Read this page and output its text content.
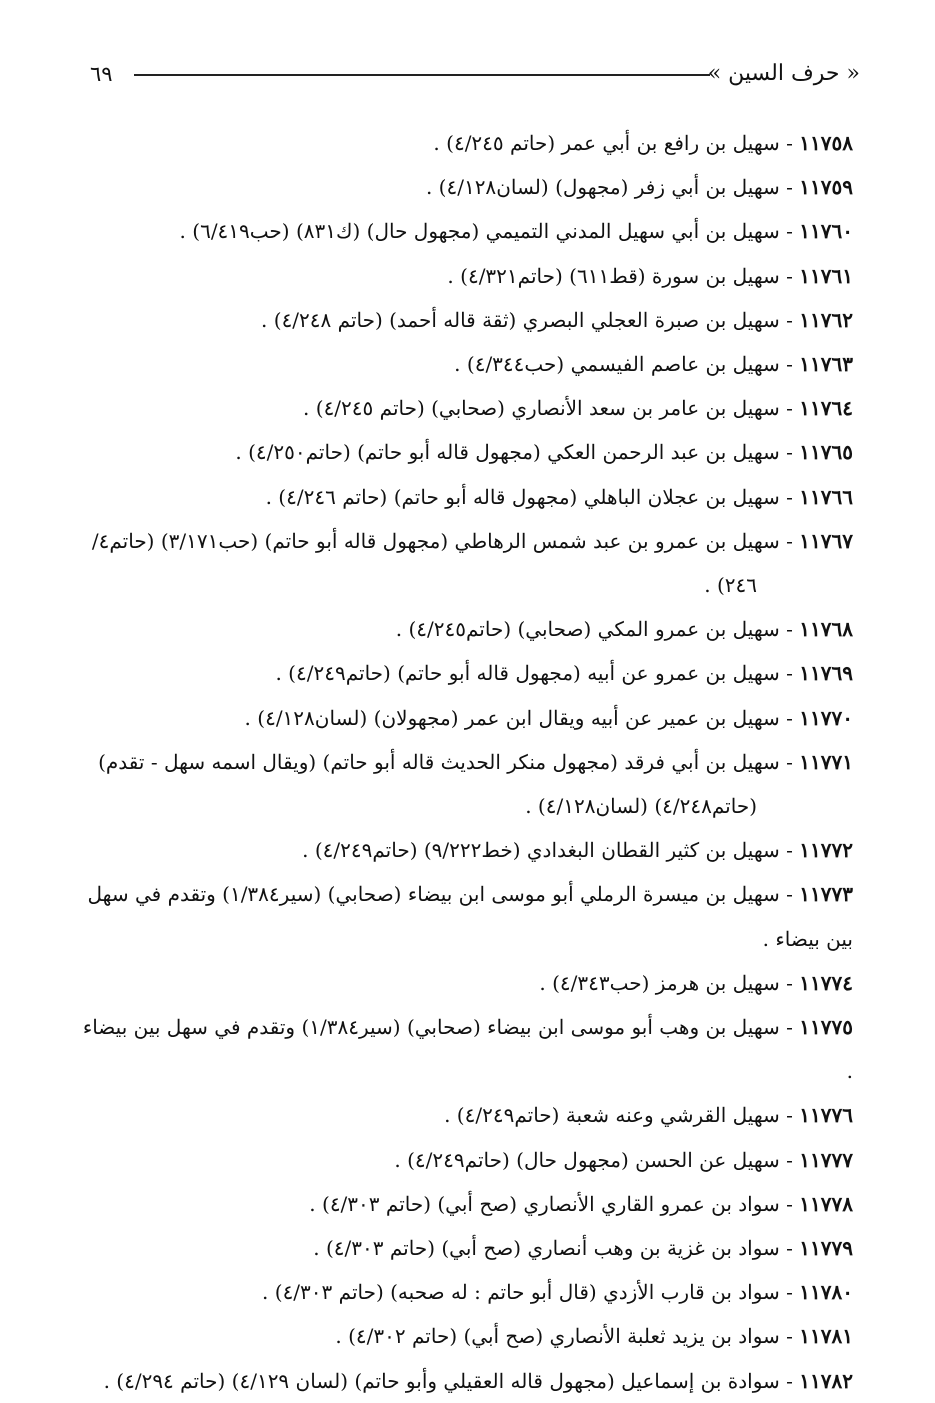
« حرف السين »
٦٩
١١٧٥٨ - سهيل بن رافع بن أبي عمر (حاتم ٤/٢٤٥) .
١١٧٥٩ - سهيل بن أبي زفر (مجهول) (لسان٤/١٢٨) .
١١٧٦٠ - سهيل بن أبي سهيل المدني التميمي (مجهول حال) (ك٨٣١) (حب٦/٤١٩) .
١١٧٦١ - سهيل بن سورة (قط٦١١) (حاتم٤/٣٢١) .
١١٧٦٢ - سهيل بن صبرة العجلي البصري (ثقة قاله أحمد) (حاتم ٤/٢٤٨) .
١١٧٦٣ - سهيل بن عاصم الفيسمي (حب٤/٣٤٤) .
١١٧٦٤ - سهيل بن عامر بن سعد الأنصاري (صحابي) (حاتم ٤/٢٤٥) .
١١٧٦٥ - سهيل بن عبد الرحمن العكي (مجهول قاله أبو حاتم) (حاتم٤/٢٥٠) .
١١٧٦٦ - سهيل بن عجلان الباهلي (مجهول قاله أبو حاتم) (حاتم ٤/٢٤٦) .
١١٧٦٧ - سهيل بن عمرو بن عبد شمس الرهاطي (مجهول قاله أبو حاتم) (حب٣/١٧١) (حاتم٤/
٢٤٦) .
١١٧٦٨ - سهيل بن عمرو المكي (صحابي) (حاتم٤/٢٤٥) .
١١٧٦٩ - سهيل بن عمرو عن أبيه (مجهول قاله أبو حاتم) (حاتم٤/٢٤٩) .
١١٧٧٠ - سهيل بن عمير عن أبيه ويقال ابن عمر (مجهولان) (لسان٤/١٢٨) .
١١٧٧١ - سهيل بن أبي فرقد (مجهول منكر الحديث قاله أبو حاتم) (ويقال اسمه سهل - تقدم)
(حاتم٤/٢٤٨) (لسان٤/١٢٨) .
١١٧٧٢ - سهيل بن كثير القطان البغدادي (خط٩/٢٢٢) (حاتم٤/٢٤٩) .
١١٧٧٣ - سهيل بن ميسرة الرملي أبو موسى ابن بيضاء (صحابي) (سير١/٣٨٤) وتقدم في سهل بين بيضاء .
١١٧٧٤ - سهيل بن هرمز (حب٤/٣٤٣) .
١١٧٧٥ - سهيل بن وهب أبو موسى ابن بيضاء (صحابي) (سير١/٣٨٤) وتقدم في سهل بين بيضاء .
١١٧٧٦ - سهيل القرشي وعنه شعبة (حاتم٤/٢٤٩) .
١١٧٧٧ - سهيل عن الحسن (مجهول حال) (حاتم٤/٢٤٩) .
١١٧٧٨ - سواد بن عمرو القاري الأنصاري (صح أبي) (حاتم ٤/٣٠٣) .
١١٧٧٩ - سواد بن غزية بن وهب أنصاري (صح أبي) (حاتم ٤/٣٠٣) .
١١٧٨٠ - سواد بن قارب الأزدي (قال أبو حاتم : له صحبه) (حاتم ٤/٣٠٣) .
١١٧٨١ - سواد بن يزيد ثعلبة الأنصاري (صح أبي) (حاتم ٤/٣٠٢) .
١١٧٨٢ - سوادة بن إسماعيل (مجهول قاله العقيلي وأبو حاتم) (لسان ٤/١٢٩) (حاتم ٤/٢٩٤) .
